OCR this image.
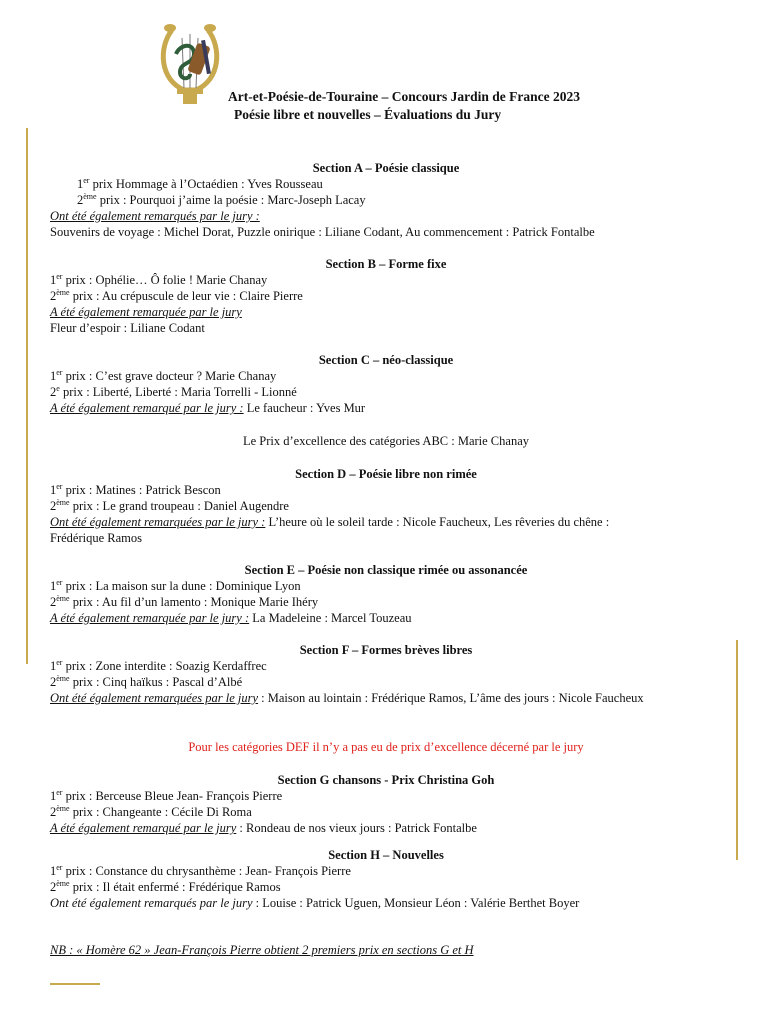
Art-et-Poésie-de-Touraine – Concours Jardin de France 2023
Poésie libre et nouvelles – Évaluations du Jury
Section A – Poésie classique
1er prix Hommage à l’Octaédien : Yves Rousseau
2ème prix : Pourquoi j’aime la poésie : Marc-Joseph Lacay
Ont été également remarqués par le jury :
Souvenirs de voyage : Michel Dorat, Puzzle onirique : Liliane Codant, Au commencement : Patrick Fontalbe
Section B – Forme fixe
1er prix : Ophélie… Ô folie ! Marie Chanay
2ème prix : Au crépuscule de leur vie : Claire Pierre
A été également remarquée par le jury
Fleur d’espoir : Liliane Codant
Section C – néo-classique
1er prix : C’est grave docteur ? Marie Chanay
2e prix : Liberté, Liberté : Maria Torrelli - Lionné
A été également remarqué par le jury : Le faucheur : Yves Mur
Le Prix d’excellence des catégories ABC : Marie Chanay
Section D – Poésie libre non rimée
1er prix : Matines : Patrick Bescon
2ème prix : Le grand troupeau : Daniel Augendre
Ont été également remarquées par le jury : L’heure où le soleil tarde : Nicole Faucheux, Les rêveries du chêne :
Frédérique Ramos
Section E – Poésie non classique rimée ou assonancée
1er prix : La maison sur la dune : Dominique Lyon
2ème prix : Au fil d’un lamento : Monique Marie Ihéry
A été également remarquée par le jury : La Madeleine : Marcel Touzeau
Section F – Formes brèves libres
1er prix : Zone interdite : Soazig Kerdaffrec
2ème prix : Cinq haïkus : Pascal d’Albé
Ont été également remarquées par le jury : Maison au lointain : Frédérique Ramos, L’âme des jours : Nicole Faucheux
Pour les catégories DEF il n’y a pas eu de prix d’excellence décerné par le jury
Section G chansons - Prix Christina Goh
1er prix : Berceuse Bleue Jean- François Pierre
2ème prix : Changeante : Cécile Di Roma
A été également remarqué par le jury : Rondeau de nos vieux jours : Patrick Fontalbe
Section H – Nouvelles
1er prix : Constance du chrysanthème : Jean- François Pierre
2ème prix : Il était enfermé : Frédérique Ramos
Ont été également remarqués par le jury : Louise : Patrick Uguen, Monsieur Léon : Valérie Berthet Boyer
NB : « Homère 62 » Jean-François Pierre obtient 2 premiers prix en sections G et H
